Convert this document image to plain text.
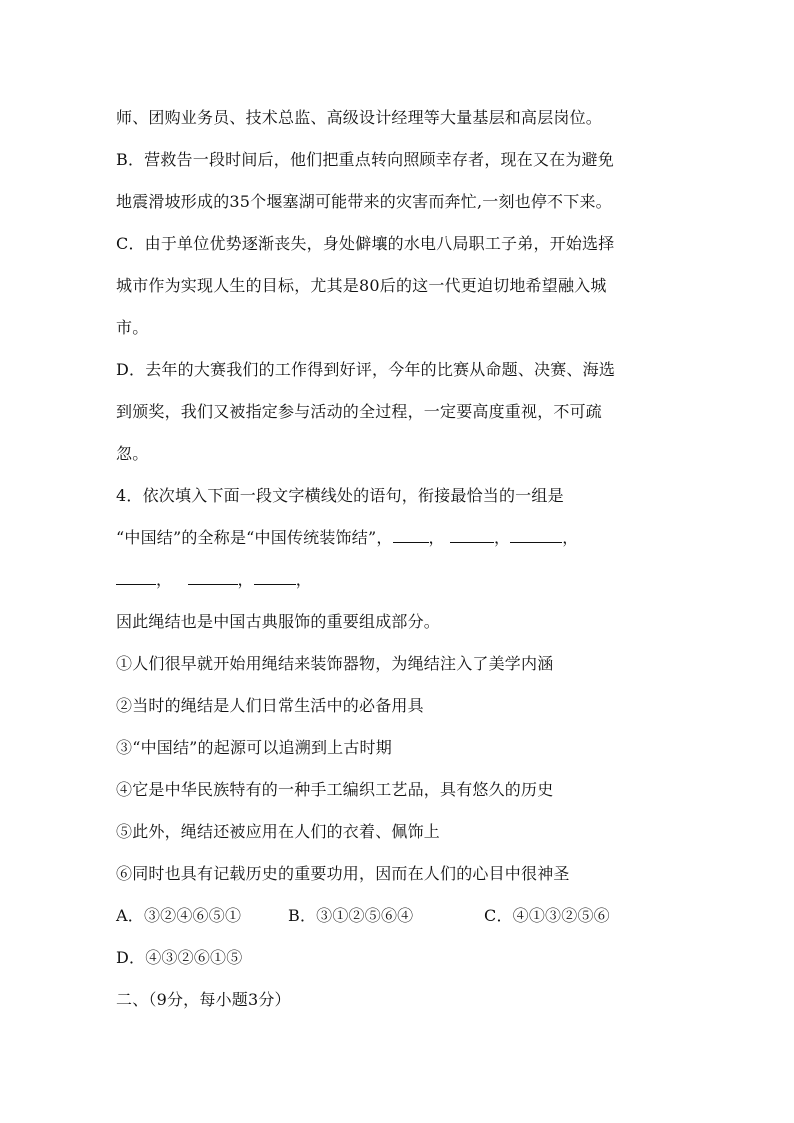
师、团购业务员、技术总监、高级设计经理等大量基层和高层岗位。
B．营救告一段时间后，他们把重点转向照顾幸存者，现在又在为避免
地震滑坡形成的35个堰塞湖可能带来的灾害而奔忙,一刻也停不下来。
C．由于单位优势逐渐丧失，身处僻壤的水电八局职工子弟，开始选择
城市作为实现人生的目标，尤其是80后的这一代更迫切地希望融入城
市。
D．去年的大赛我们的工作得到好评，今年的比赛从命题、决赛、海选
到颁奖，我们又被指定参与活动的全过程，一定要高度重视，不可疏
忽。
4．依次填入下面一段文字横线处的语句，衔接最恰当的一组是
“中国结”的全称是“中国传统装饰结”， ，	，	，
，	，	，
因此绳结也是中国古典服饰的重要组成部分。
①人们很早就开始用绳结来装饰器物，为绳结注入了美学内涵
②当时的绳结是人们日常生活中的必备用具
③“中国结”的起源可以追溯到上古时期
④它是中华民族特有的一种手工编织工艺品，具有悠久的历史
⑤此外，绳结还被应用在人们的衣着、佩饰上
⑥同时也具有记载历史的重要功用，因而在人们的心目中很神圣
A．③②④⑥⑤①	B．③①②⑤⑥④	C．④①③②⑤⑥
D．④③②⑥①⑤
二、（9分，每小题3分）
